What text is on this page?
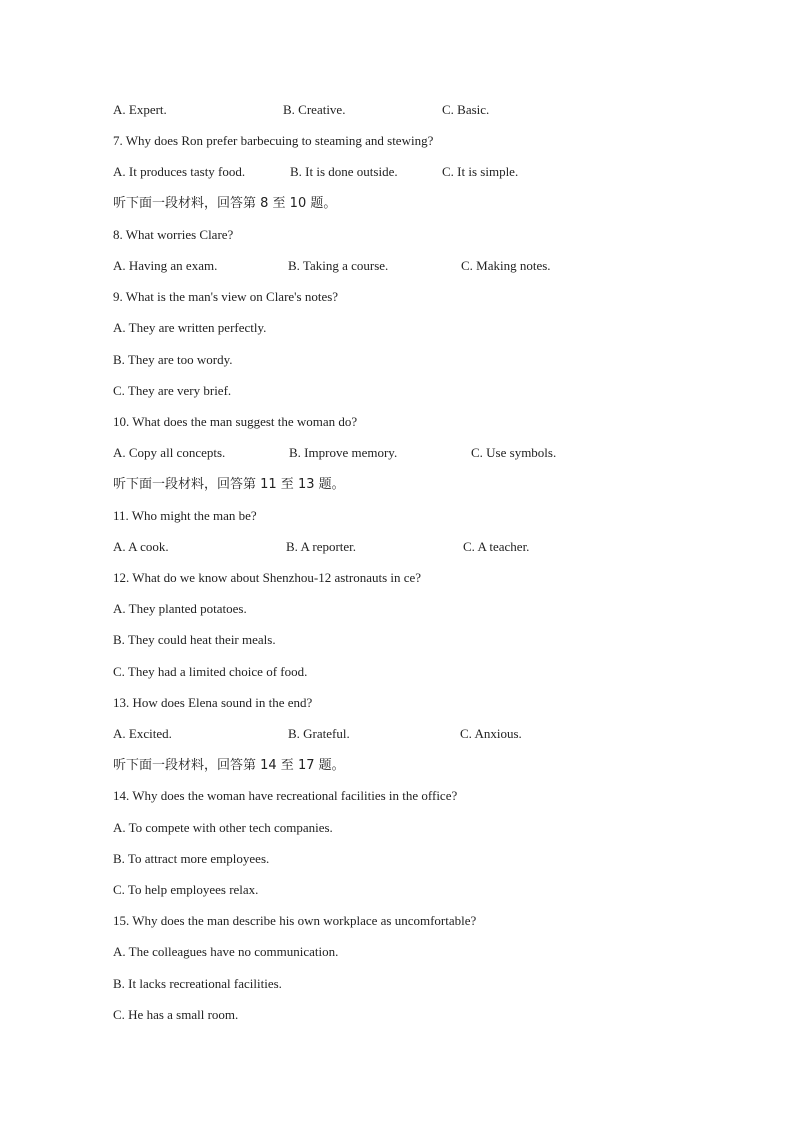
A. Expert.	B. Creative.	C. Basic.
7. Why does Ron prefer barbecuing to steaming and stewing?
A. It produces tasty food.	B. It is done outside.	C. It is simple.
听下面一段材料，回答第 8 至 10 题。
8. What worries Clare?
A. Having an exam.	B. Taking a course.	C. Making notes.
9. What is the man's view on Clare's notes?
A. They are written perfectly.
B. They are too wordy.
C. They are very brief.
10. What does the man suggest the woman do?
A. Copy all concepts.	B. Improve memory.	C. Use symbols.
听下面一段材料，回答第 11 至 13 题。
11. Who might the man be?
A. A cook.	B. A reporter.	C. A teacher.
12. What do we know about Shenzhou-12 astronauts in ce?
A. They planted potatoes.
B. They could heat their meals.
C. They had a limited choice of food.
13. How does Elena sound in the end?
A. Excited.	B. Grateful.	C. Anxious.
听下面一段材料，回答第 14 至 17 题。
14. Why does the woman have recreational facilities in the office?
A. To compete with other tech companies.
B. To attract more employees.
C. To help employees relax.
15. Why does the man describe his own workplace as uncomfortable?
A. The colleagues have no communication.
B. It lacks recreational facilities.
C. He has a small room.
